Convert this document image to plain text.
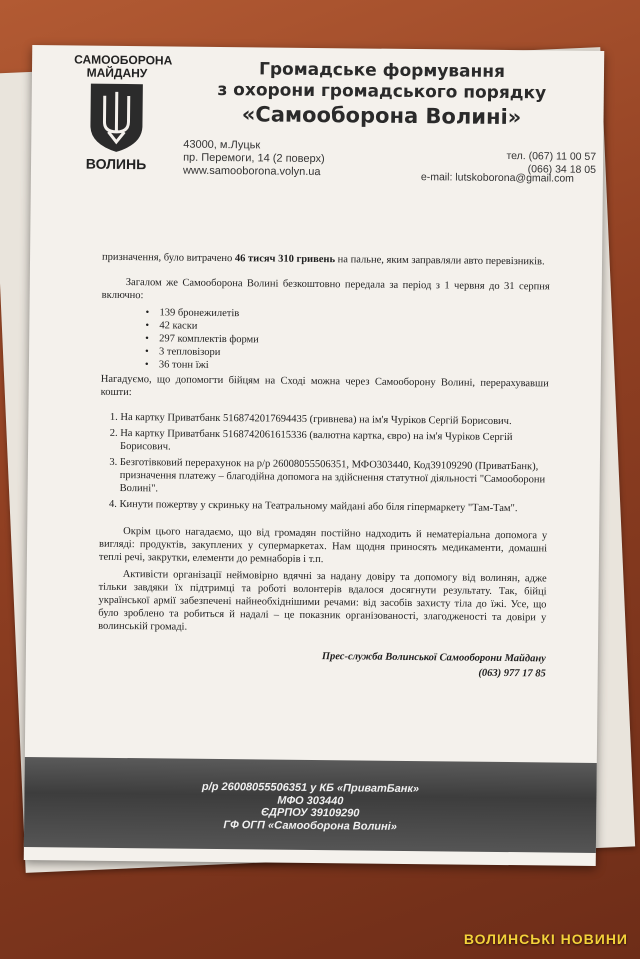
САМООБОРОНА
МАЙДАНУ
ВОЛИНЬ
Громадське формування
з охорони громадського порядку
«Самооборона Волині»
43000, м.Луцьк
пр. Перемоги, 14 (2 поверх)
www.samooborona.volyn.ua
тел. (067) 11 00 57
(066) 34 18 05
e-mail: lutskoborona@gmail.com

призначення, було витрачено 46 тисяч 310 гривень на пальне, яким заправляли авто перевізників.

Загалом же Самооборона Волині безкоштовно передала за період з 1 червня до 31 серпня включно:

• 139 бронежилетів
• 42 каски
• 297 комплектів форми
• 3 тепловізори
• 36 тонн їжі

Нагадуємо, що допомогти бійцям на Сході можна через Самооборону Волині, перерахувавши кошти:

1. На картку Приватбанк 5168742017694435 (гривнева) на ім'я Чуріков Сергій Борисович.
2. На картку Приватбанк 5168742061615336 (валютна картка, євро) на ім'я Чуріков Сергій Борисович.
3. Безготівковий перерахунок на р/р 26008055506351, МФО303440, Код39109290 (ПриватБанк), призначення платежу – благодійна допомога на здійснення статутної діяльності "Самооборони Волині".
4. Кинути пожертву у скриньку на Театральному майдані або біля гіпермаркету "Там-Там".

Окрім цього нагадаємо, що від громадян постійно надходить й нематеріальна допомога у вигляді: продуктів, закуплених у супермаркетах. Нам щодня приносять медикаменти, домашні теплі речі, закрутки, елементи до ремнаборів і т.п.

Активісти організації неймовірно вдячні за надану довіру та допомогу від волинян, адже тільки завдяки їх підтримці та роботі волонтерів вдалося досягнути результату. Так, бійці української армії забезпечені найнеобхіднішими речами: від засобів захисту тіла до їжі. Усе, що було зроблено та робиться й надалі – це показник організованості, злагодженості та довіри у волинській громаді.

Прес-служба Волинської Самооборони Майдану
(063) 977 17 85
р/р 26008055506351 у КБ «ПриватБанк»
МФО 303440
ЄДРПОУ 39109290
ГФ ОГП «Самооборона Волині»
ВОЛИНСЬКІ НОВИНИ
